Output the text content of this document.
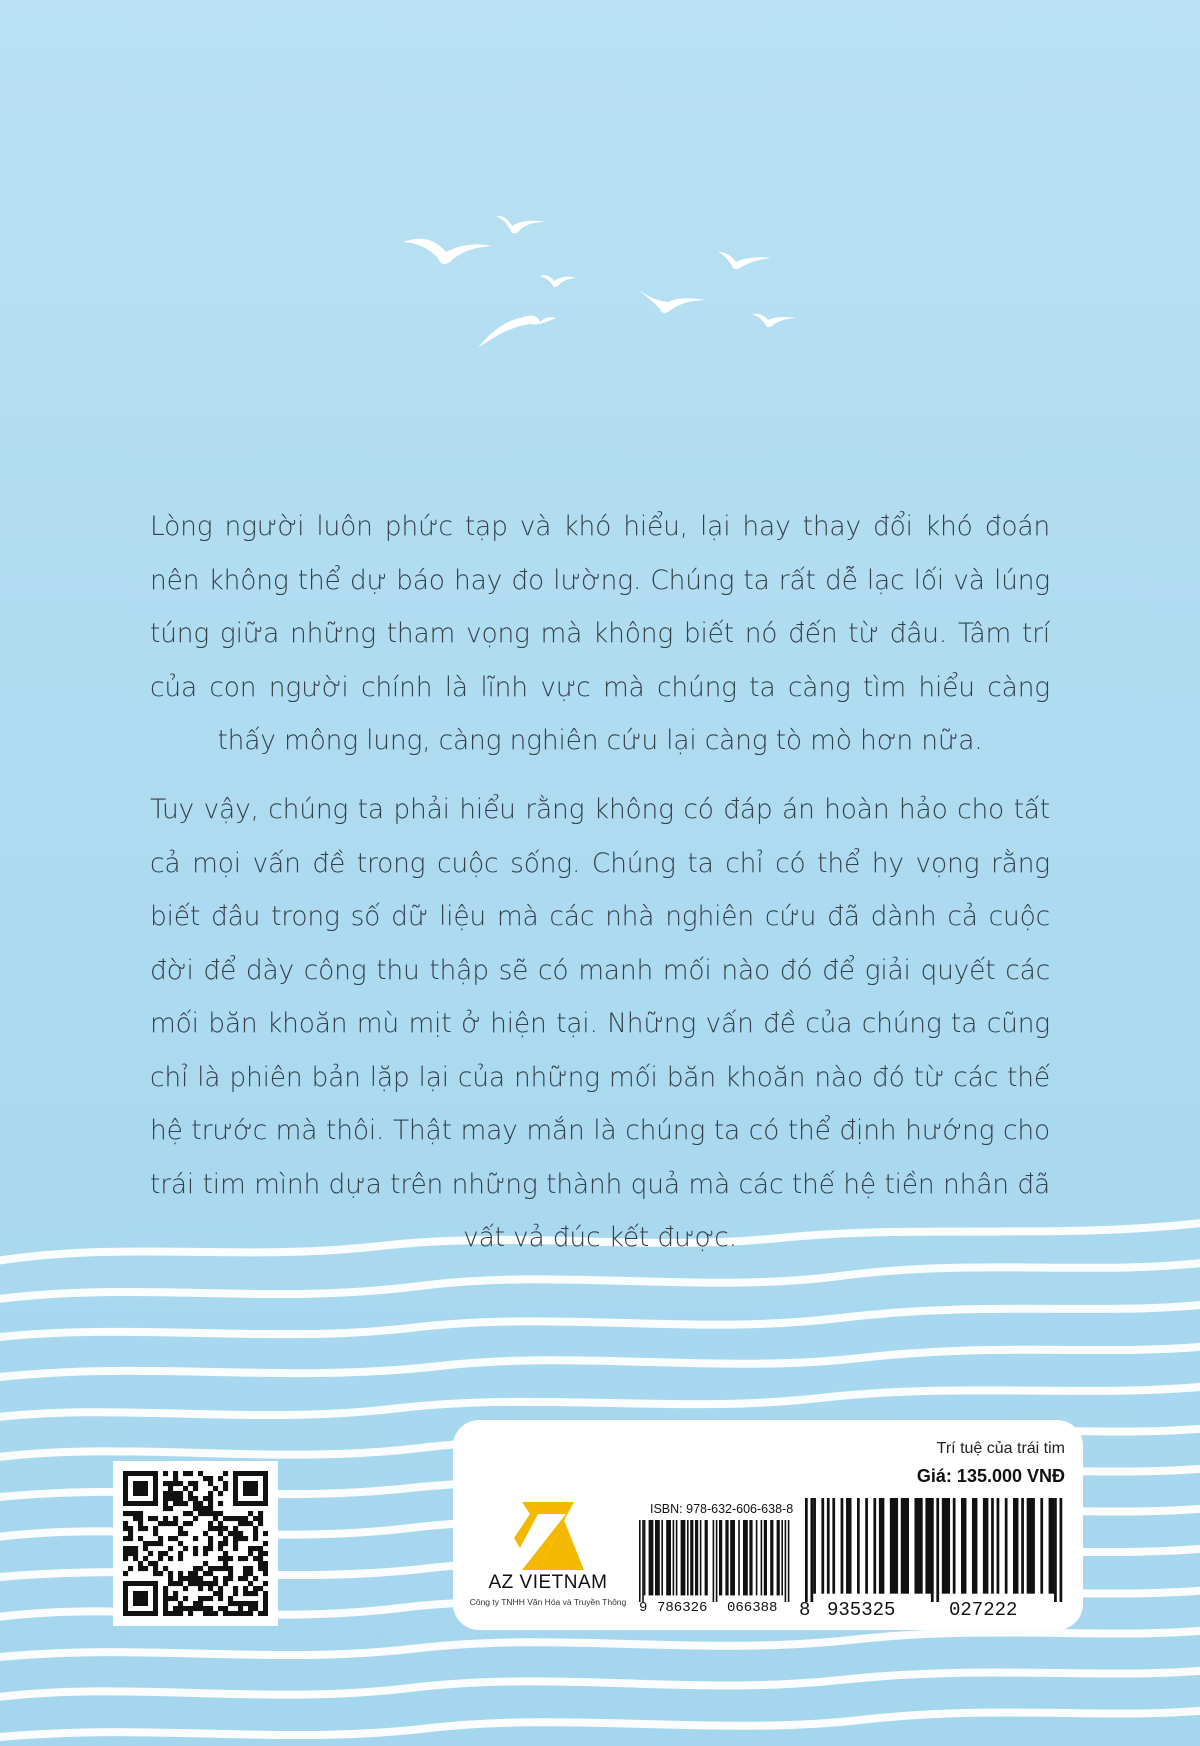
Lòng người luôn phức tạp và khó hiểu, lại hay thay đổi khó đoán nên không thể dự báo hay đo lường. Chúng ta rất dễ lạc lối và lúng túng giữa những tham vọng mà không biết nó đến từ đâu. Tâm trí của con người chính là lĩnh vực mà chúng ta càng tìm hiểu càng thấy mông lung, càng nghiên cứu lại càng tò mò hơn nữa.

Tuy vậy, chúng ta phải hiểu rằng không có đáp án hoàn hảo cho tất cả mọi vấn đề trong cuộc sống. Chúng ta chỉ có thể hy vọng rằng biết đâu trong số dữ liệu mà các nhà nghiên cứu đã dành cả cuộc đời để dày công thu thập sẽ có manh mối nào đó để giải quyết các mối băn khoăn mù mịt ở hiện tại. Những vấn đề của chúng ta cũng chỉ là phiên bản lặp lại của những mối băn khoăn nào đó từ các thế hệ trước mà thôi. Thật may mắn là chúng ta có thể định hướng cho trái tim mình dựa trên những thành quả mà các thế hệ tiền nhân đã vất vả đúc kết được.

Trí tuệ của trái tim
Giá: 135.000 VNĐ
AZ VIETNAM
Công ty TNHH Văn Hóa và Truyền Thông
ISBN: 978-632-606-638-8
9 786326 066388 8 935325	027222
